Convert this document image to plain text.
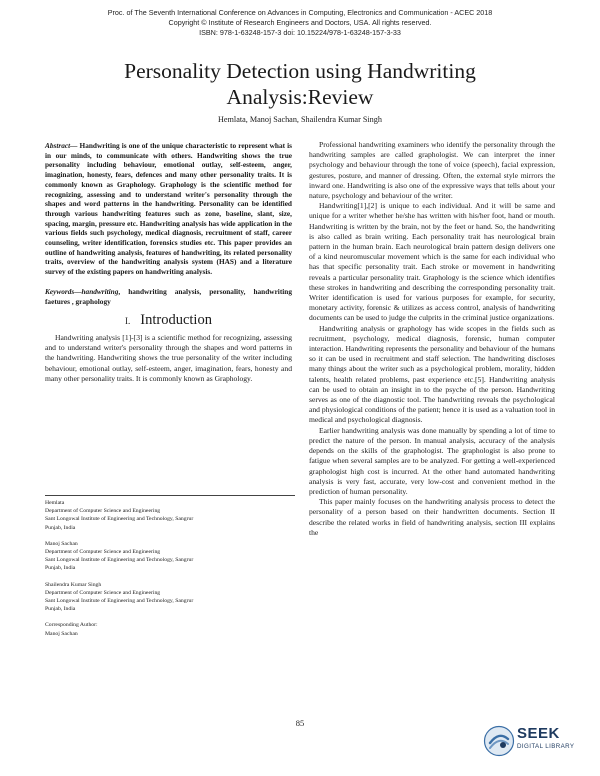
Proc. of The Seventh International Conference on Advances in Computing, Electronics and Communication - ACEC 2018
Copyright © Institute of Research Engineers and Doctors, USA. All rights reserved.
ISBN: 978-1-63248-157-3 doi: 10.15224/978-1-63248-157-3-33
Personality Detection using Handwriting
Analysis:Review
Hemlata, Manoj Sachan, Shailendra Kumar Singh

Abstract— Handwriting is one of the unique characteristic to represent what is in our minds, to communicate with others. Handwriting shows the true personality including behaviour, emotional outlay, self-esteem, anger, imagination, honesty, fears, defences and many other personality traits. It is commonly known as Graphology. Graphology is the scientific method for recognizing, assessing and to understand writer's personality through the shapes and word patterns in the handwriting. Personality can be identified through various handwriting features such as zone, baseline, slant, size, spacing, margin, pressure etc. Handwriting analysis has wide application in the various fields such psychology, medical diagnosis, recruitment of staff, career counseling, writer identification, forensics studies etc. This paper provides an outline of handwriting analysis, features of handwriting, its related personality traits, overview of the handwriting analysis system (HAS) and a literature survey of the existing papers on handwriting analysis.

Keywords—handwriting, handwriting analysis, personality, handwriting faetures , graphology

I. Introduction

Handwriting analysis [1]-[3] is a scientific method for recognizing, assessing and to understand writer's personality through the shapes and word patterns in the handwriting. Handwriting shows the true personality of the writer including behaviour, emotional outlay, self-esteem, anger, imagination, fears, honesty and many other personality traits. It is commonly known as Graphology.

Hemlata
Department of Computer Science and Engineering
Sant Longowal Institute of Engineering and Technology, Sangrur
Punjab, India

Manoj Sachan
Department of Computer Science and Engineering
Sant Longowal Institute of Engineering and Technology, Sangrur
Punjab, India

Shailendra Kumar Singh
Department of Computer Science and Engineering
Sant Longowal Institute of Engineering and Technology, Sangrur
Punjab, India

Corresponding Author:
Manoj Sachan

Professional handwriting examiners who identify the personality through the handwriting samples are called graphologist. We can interpret the inner psychology and behaviour through the tone of voice (speech), facial expression, gestures, posture, and manner of dressing. Often, the external style mirrors the inward one. Handwriting is also one of the expressive ways that tells about your nature, psychology and behaviour of the writer.

Handwriting[1],[2] is unique to each individual. And it will be same and unique for a writer whether he/she has written with his/her foot, hand or mouth. Handwriting is written by the brain, not by the feet or hand. So, the handwriting is also called as brain writing. Each personality trait has neurological brain pattern in the human brain. Each neurological brain pattern design delivers one of a kind neuromuscular movement which is the same for each individual who has that specific personality trait. Each stroke or movement in handwriting reveals a particular personality trait. Graphology is the science which identifies these strokes in handwriting and describing the corresponding personality trait. Writer identification is used for various purposes for example, for security, monetary activity, forensic & utilizes as access control, analysis of handwriting documents can be used to judge the culprits in the criminal justice organizations.

Handwriting analysis or graphology has wide scopes in the fields such as recruitment, psychology, medical diagnosis, forensic, human computer interaction. Handwriting represents the personality and behaviour of the humans so it can be used in recruitment and staff selection. The handwriting discloses many things about the writer such as a psychological problem, morality, hidden talents, health related problems, past experience etc.[5]. Handwriting analysis can be used to obtain an insight in to the psyche of the person. Handwriting serves as one of the diagnostic tool. The handwriting reveals the psychological and physiological conditions of the patient; hence it is used as a valuation tool in medical and psychological diagnosis.

Earlier handwriting analysis was done manually by spending a lot of time to predict the nature of the person. In manual analysis, accuracy of the analysis depends on the skills of the graphologist. The graphologist is also prone to fatigue when several samples are to be analyzed. For getting a well-experienced graphologist high cost is incurred. At the other hand automated handwriting analysis is very fast, accurate, very low-cost and convenient method in the prediction of human personality.

This paper mainly focuses on the handwriting analysis process to detect the personality of a person based on their handwritten documents. Section II describe the related works in field of handwriting analysis, section III explains the

85
SEEK
DIGITAL LIBRARY
